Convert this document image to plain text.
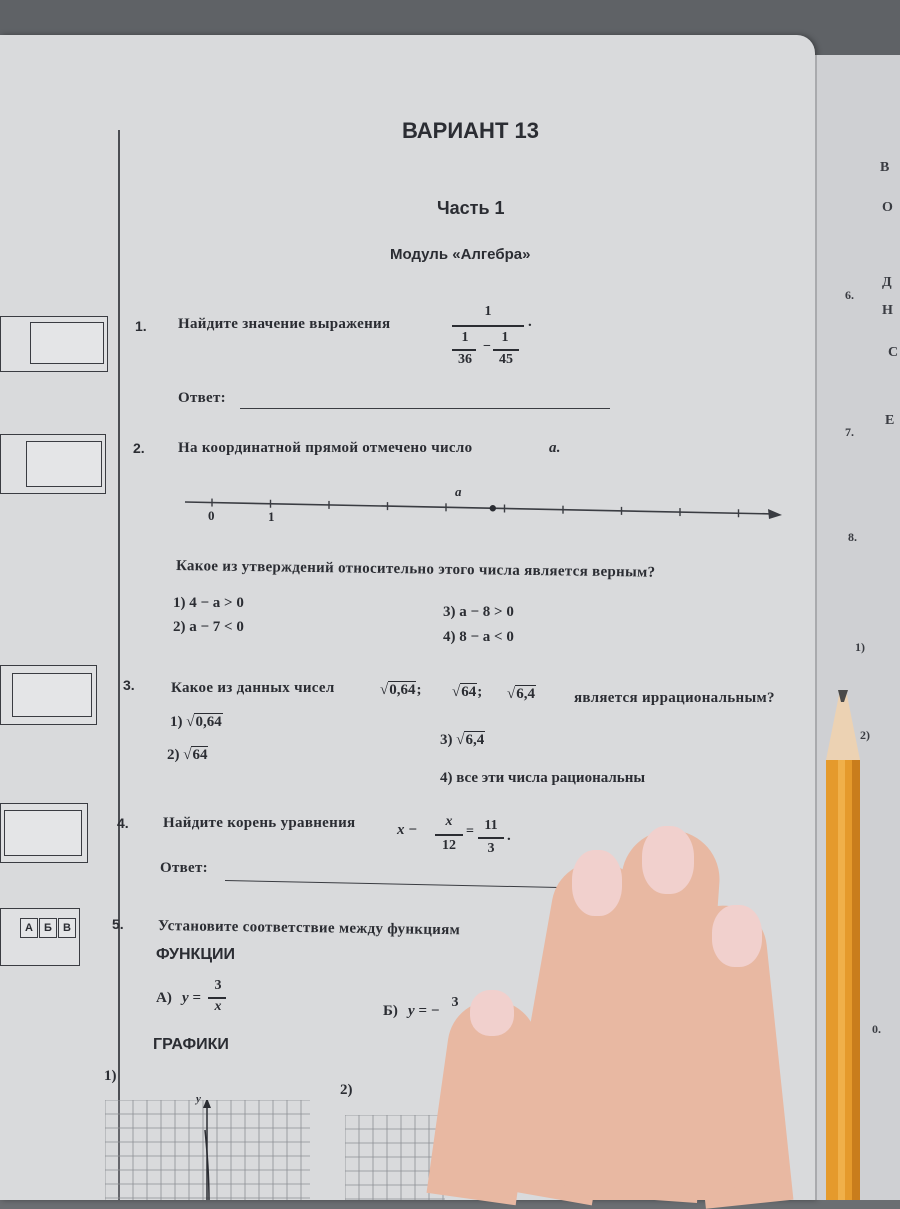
ВАРИАНТ 13
Часть 1
Модуль «Алгебра»
А	Б	В
1. Найдите значение выражения
1
1
36
−
1
45
.
Ответ:
2. На координатной прямой отмечено число	a.
0	1
a
Какое из утверждений относительно этого числа является верным?
1) 4 − a > 0
2) a − 7 < 0
3) a − 8 > 0
4) 8 − a < 0
3. Какое из данных чисел	√0,64; √64; √6,4	является иррациональным?
1) √0,64
2) √64
3) √6,4
4) все эти числа рациональны
4. Найдите корень уравнения	x −
x
12
= 11
3
.
Ответ:
5. Установите соответствие между функциям
ФУНКЦИИ
А) y =
3
x	Б) y = −
3
ГРАФИКИ
1)
2)
y
В
О
6.
Д
Н
С
7.
Е
8.
1)
2)
0.
